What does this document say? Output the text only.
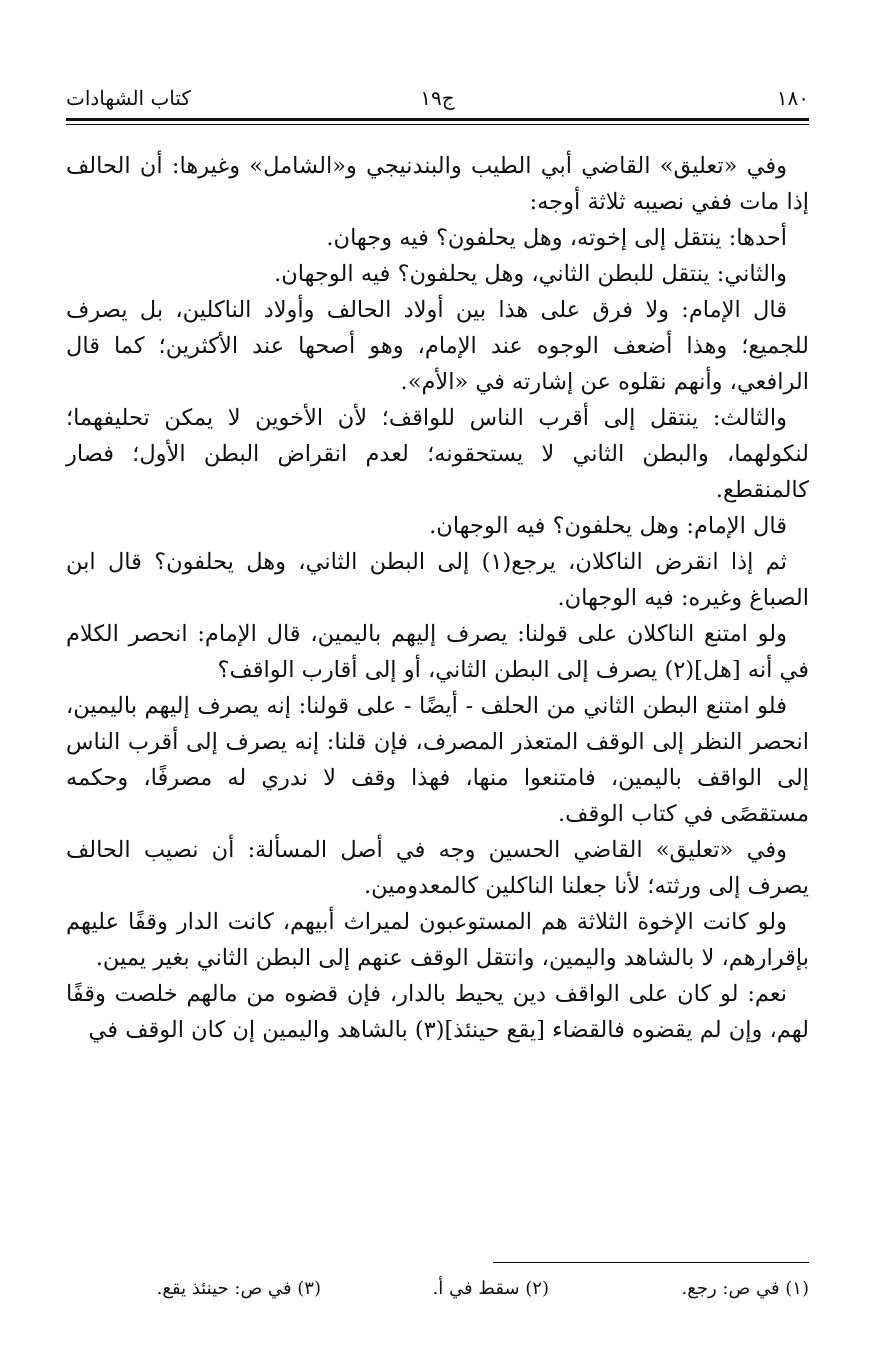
١٨٠
ج١٩
كتاب الشهادات

وفي «تعليق» القاضي أبي الطيب والبندنيجي و«الشامل» وغيرها: أن الحالف إذا مات ففي نصيبه ثلاثة أوجه:

أحدها: ينتقل إلى إخوته، وهل يحلفون؟ فيه وجهان.

والثاني: ينتقل للبطن الثاني، وهل يحلفون؟ فيه الوجهان.

قال الإمام: ولا فرق على هذا بين أولاد الحالف وأولاد الناكلين، بل يصرف للجميع؛ وهذا أضعف الوجوه عند الإمام، وهو أصحها عند الأكثرين؛ كما قال الرافعي، وأنهم نقلوه عن إشارته في «الأم».

والثالث: ينتقل إلى أقرب الناس للواقف؛ لأن الأخوين لا يمكن تحليفهما؛ لنكولهما، والبطن الثاني لا يستحقونه؛ لعدم انقراض البطن الأول؛ فصار كالمنقطع.

قال الإمام: وهل يحلفون؟ فيه الوجهان.

ثم إذا انقرض الناكلان، يرجع(١) إلى البطن الثاني، وهل يحلفون؟ قال ابن الصباغ وغيره: فيه الوجهان.

ولو امتنع الناكلان على قولنا: يصرف إليهم باليمين، قال الإمام: انحصر الكلام في أنه [هل](٢) يصرف إلى البطن الثاني، أو إلى أقارب الواقف؟

فلو امتنع البطن الثاني من الحلف - أيضًا - على قولنا: إنه يصرف إليهم باليمين، انحصر النظر إلى الوقف المتعذر المصرف، فإن قلنا: إنه يصرف إلى أقرب الناس إلى الواقف باليمين، فامتنعوا منها، فهذا وقف لا ندري له مصرفًا، وحكمه مستقصًى في كتاب الوقف.

وفي «تعليق» القاضي الحسين وجه في أصل المسألة: أن نصيب الحالف يصرف إلى ورثته؛ لأنا جعلنا الناكلين كالمعدومين.

ولو كانت الإخوة الثلاثة هم المستوعبون لميراث أبيهم، كانت الدار وقفًا عليهم بإقرارهم، لا بالشاهد واليمين، وانتقل الوقف عنهم إلى البطن الثاني بغير يمين.

نعم: لو كان على الواقف دين يحيط بالدار، فإن قضوه من مالهم خلصت وقفًا لهم، وإن لم يقضوه فالقضاء [يقع حينئذ](٣) بالشاهد واليمين إن كان الوقف في

(١) في ص: رجع.
(٢) سقط في أ.
(٣) في ص: حينئذ يقع.
